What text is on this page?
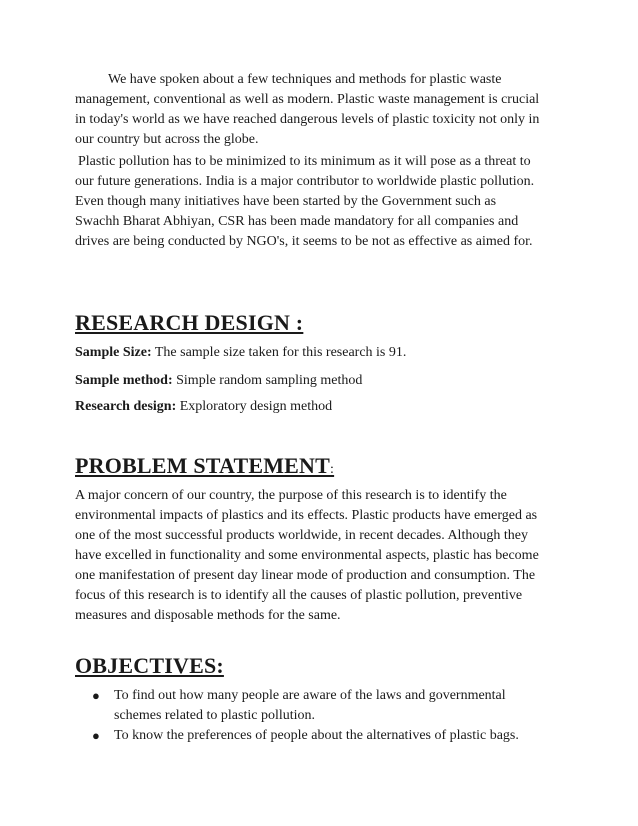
We have spoken about a few techniques and methods for plastic waste
management, conventional as well as modern. Plastic waste management is crucial
in today's world as we have reached dangerous levels of plastic toxicity not only in
our country but across the globe.

Plastic pollution has to be minimized to its minimum as it will pose as a threat to
our future generations. India is a major contributor to worldwide plastic pollution.
Even though many initiatives have been started by the Government such as
Swachh Bharat Abhiyan, CSR has been made mandatory for all companies and
drives are being conducted by NGO's, it seems to be not as effective as aimed for.

RESEARCH DESIGN :

Sample Size: The sample size taken for this research is 91.

Sample method: Simple random sampling method

Research design: Exploratory design method

PROBLEM STATEMENT:

A major concern of our country, the purpose of this research is to identify the
environmental impacts of plastics and its effects. Plastic products have emerged as
one of the most successful products worldwide, in recent decades. Although they
have excelled in functionality and some environmental aspects, plastic has become
one manifestation of present day linear mode of production and consumption. The
focus of this research is to identify all the causes of plastic pollution, preventive
measures and disposable methods for the same.

OBJECTIVES:
● To find out how many people are aware of the laws and governmental
schemes related to plastic pollution.
● To know the preferences of people about the alternatives of plastic bags.
